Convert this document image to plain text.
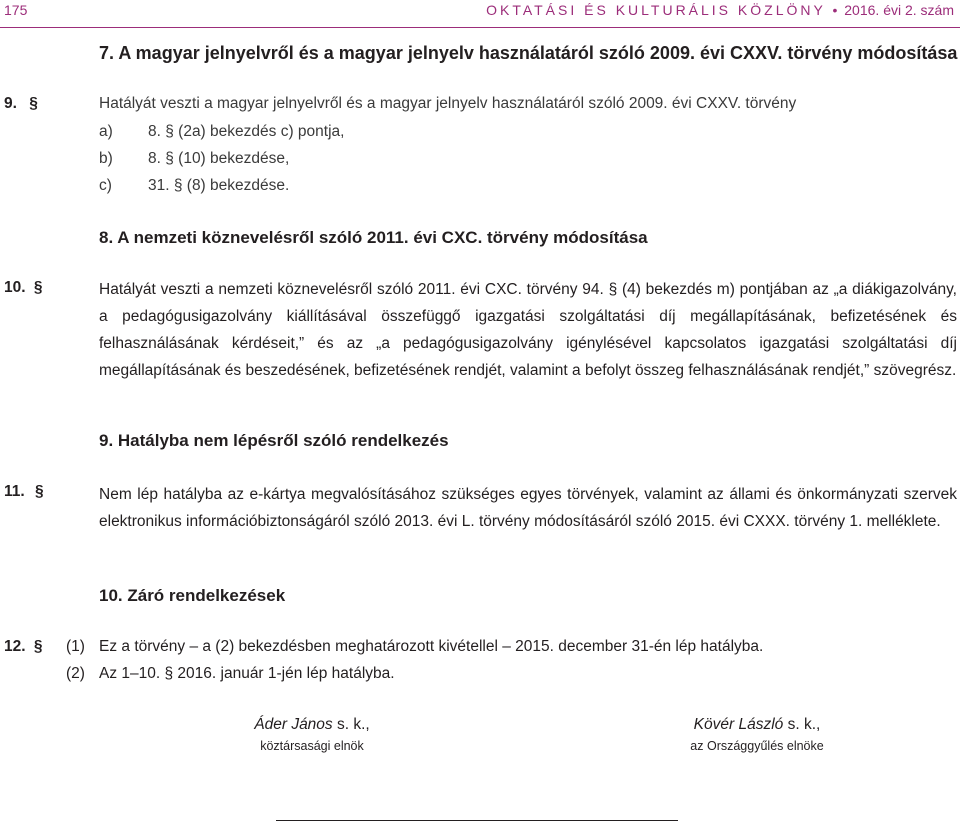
175	OKTATÁSI ÉS KULTURÁLIS KÖZLÖNY • 2016. évi 2. szám
7. A magyar jelnyelvről és a magyar jelnyelv használatáról szóló 2009. évi CXXV. törvény módosítása
9. §	Hatályát veszti a magyar jelnyelvről és a magyar jelnyelv használatáról szóló 2009. évi CXXV. törvény
a) 8. § (2a) bekezdés c) pontja,
b) 8. § (10) bekezdése,
c) 31. § (8) bekezdése.
8. A nemzeti köznevelésről szóló 2011. évi CXC. törvény módosítása
10. §	Hatályát veszti a nemzeti köznevelésről szóló 2011. évi CXC. törvény 94. § (4) bekezdés m) pontjában az „a diákigazolvány, a pedagógusigazolvány kiállításával összefüggő igazgatási szolgáltatási díj megállapításának, befizetésének és felhasználásának kérdéseit,” és az „a pedagógusigazolvány igénylésével kapcsolatos igazgatási szolgáltatási díj megállapításának és beszedésének, befizetésének rendjét, valamint a befolyt összeg felhasználásának rendjét,” szövegrész.
9. Hatályba nem lépésről szóló rendelkezés
11. §	Nem lép hatályba az e-kártya megvalósításához szükséges egyes törvények, valamint az állami és önkormányzati szervek elektronikus információbiztonságáról szóló 2013. évi L. törvény módosításáról szóló 2015. évi CXXX. törvény 1. melléklete.
10. Záró rendelkezések
12. § (1) Ez a törvény – a (2) bekezdésben meghatározott kivétellel – 2015. december 31-én lép hatályba.
(2) Az 1–10. § 2016. január 1-jén lép hatályba.
Áder János s. k.,
köztársasági elnök
Kövér László s. k.,
az Országgyűlés elnöke
